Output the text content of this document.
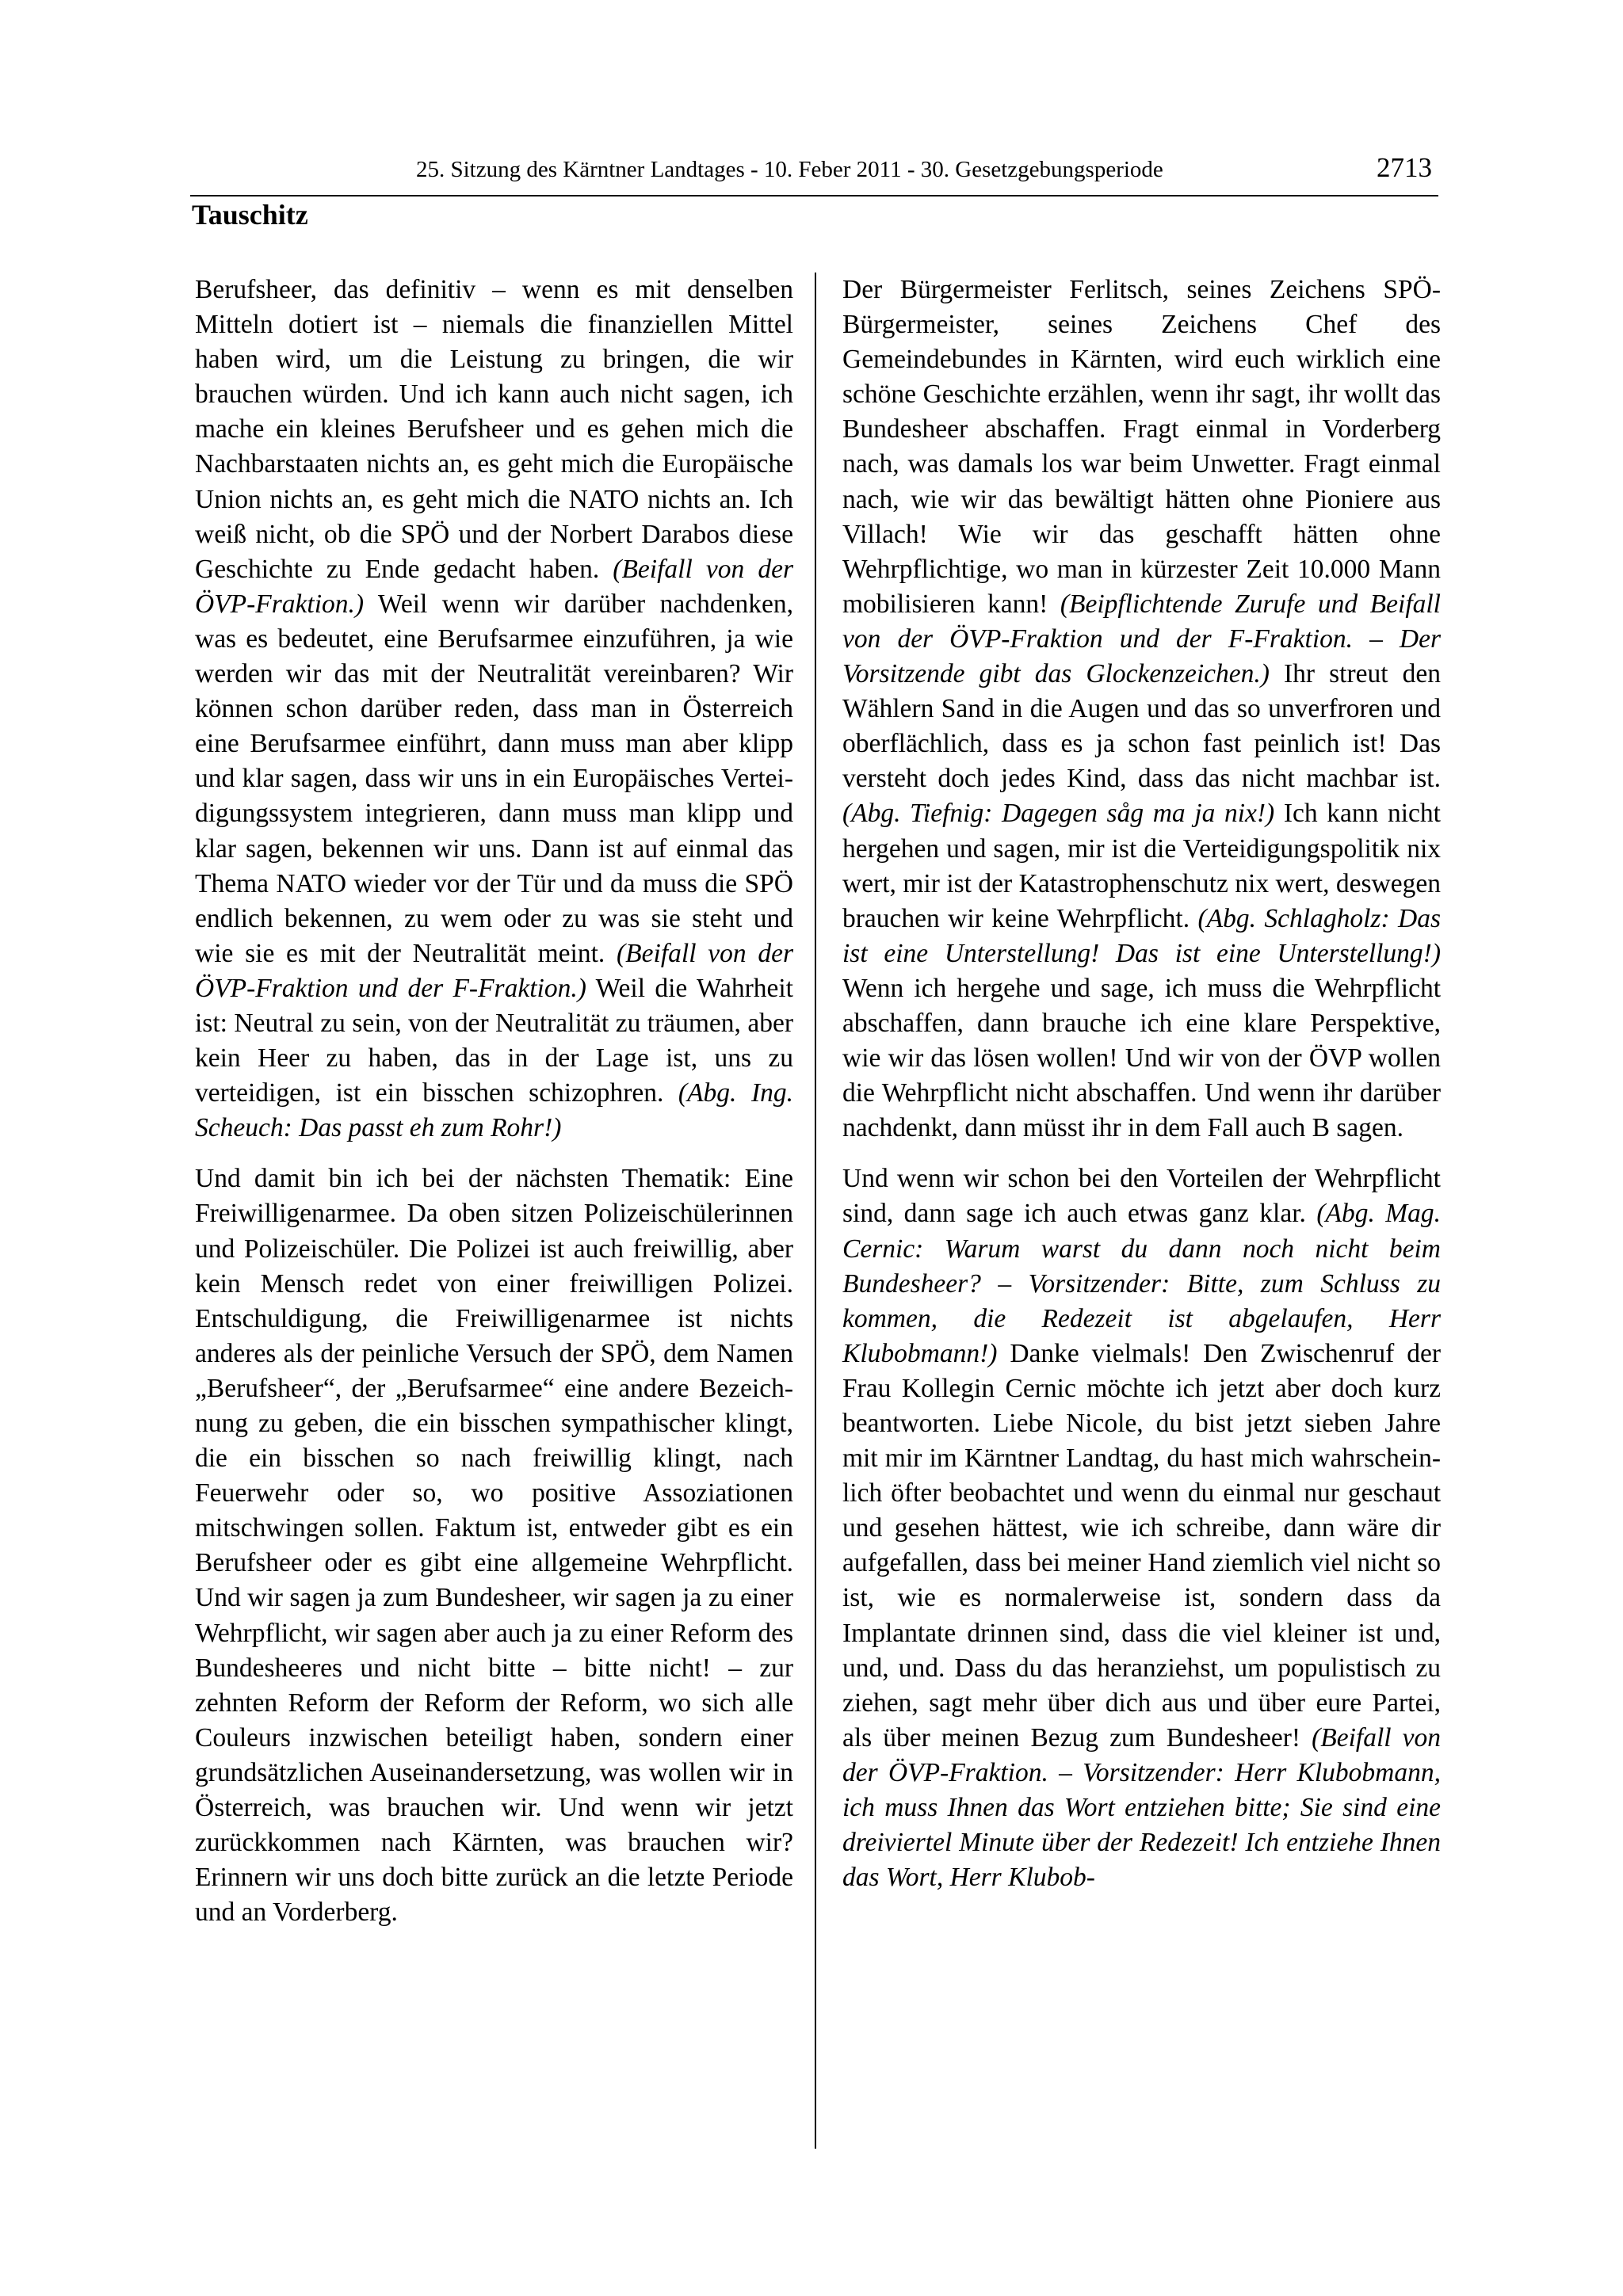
25. Sitzung des Kärntner Landtages - 10. Feber 2011 - 30. Gesetzgebungsperiode	2713
Tauschitz

Berufsheer, das definitiv – wenn es mit denselben Mitteln dotiert ist – niemals die finanziellen Mittel haben wird, um die Leistung zu bringen, die wir brauchen würden. Und ich kann auch nicht sagen, ich mache ein kleines Berufsheer und es gehen mich die Nachbarstaaten nichts an, es geht mich die Europäische Union nichts an, es geht mich die NATO nichts an. Ich weiß nicht, ob die SPÖ und der Norbert Darabos diese Geschichte zu Ende gedacht haben. (Beifall von der ÖVP-Fraktion.) Weil wenn wir darüber nachdenken, was es bedeutet, eine Berufsarmee einzuführen, ja wie werden wir das mit der Neutralität vereinbaren? Wir können schon darüber reden, dass man in Österreich eine Berufsarmee einführt, dann muss man aber klipp und klar sagen, dass wir uns in ein Europäisches Verteidigungssystem integrieren, dann muss man klipp und klar sagen, bekennen wir uns. Dann ist auf einmal das Thema NATO wieder vor der Tür und da muss die SPÖ endlich bekennen, zu wem oder zu was sie steht und wie sie es mit der Neutralität meint. (Beifall von der ÖVP-Fraktion und der F-Fraktion.) Weil die Wahrheit ist: Neutral zu sein, von der Neutralität zu träumen, aber kein Heer zu haben, das in der Lage ist, uns zu verteidigen, ist ein bisschen schizophren. (Abg. Ing. Scheuch: Das passt eh zum Rohr!)

Und damit bin ich bei der nächsten Thematik: Eine Freiwilligenarmee. Da oben sitzen Polizeischülerinnen und Polizeischüler. Die Polizei ist auch freiwillig, aber kein Mensch redet von einer freiwilligen Polizei. Entschuldigung, die Freiwilligenarmee ist nichts anderes als der peinliche Versuch der SPÖ, dem Namen „Berufsheer“, der „Berufsarmee“ eine andere Bezeichnung zu geben, die ein bisschen sympathischer klingt, die ein bisschen so nach freiwillig klingt, nach Feuerwehr oder so, wo positive Assoziationen mitschwingen sollen. Faktum ist, entweder gibt es ein Berufsheer oder es gibt eine allgemeine Wehrpflicht. Und wir sagen ja zum Bundesheer, wir sagen ja zu einer Wehrpflicht, wir sagen aber auch ja zu einer Reform des Bundesheeres und nicht bitte – bitte nicht! – zur zehnten Reform der Reform der Reform, wo sich alle Couleurs inzwischen beteiligt haben, sondern einer grundsätzlichen Auseinandersetzung, was wollen wir in Österreich, was brauchen wir. Und wenn wir jetzt zurückkommen nach Kärnten, was brauchen wir? Erinnern wir uns doch bitte zurück an die letzte Periode und an Vorderberg.

Der Bürgermeister Ferlitsch, seines Zeichens SPÖ-Bürgermeister, seines Zeichens Chef des Gemeindebundes in Kärnten, wird euch wirklich eine schöne Geschichte erzählen, wenn ihr sagt, ihr wollt das Bundesheer abschaffen. Fragt einmal in Vorderberg nach, was damals los war beim Unwetter. Fragt einmal nach, wie wir das bewältigt hätten ohne Pioniere aus Villach! Wie wir das geschafft hätten ohne Wehrpflichtige, wo man in kürzester Zeit 10.000 Mann mobilisieren kann! (Beipflichtende Zurufe und Beifall von der ÖVP-Fraktion und der F-Fraktion. – Der Vorsitzende gibt das Glockenzeichen.) Ihr streut den Wählern Sand in die Augen und das so unverfroren und oberflächlich, dass es ja schon fast peinlich ist! Das versteht doch jedes Kind, dass das nicht machbar ist. (Abg. Tiefnig: Dagegen såg ma ja nix!) Ich kann nicht hergehen und sagen, mir ist die Verteidigungspolitik nix wert, mir ist der Katastrophenschutz nix wert, deswegen brauchen wir keine Wehrpflicht. (Abg. Schlagholz: Das ist eine Unterstellung! Das ist eine Unterstellung!) Wenn ich hergehe und sage, ich muss die Wehrpflicht abschaffen, dann brauche ich eine klare Perspektive, wie wir das lösen wollen! Und wir von der ÖVP wollen die Wehrpflicht nicht abschaffen. Und wenn ihr darüber nachdenkt, dann müsst ihr in dem Fall auch B sagen.

Und wenn wir schon bei den Vorteilen der Wehrpflicht sind, dann sage ich auch etwas ganz klar. (Abg. Mag. Cernic: Warum warst du dann noch nicht beim Bundesheer? – Vorsitzender: Bitte, zum Schluss zu kommen, die Redezeit ist abgelaufen, Herr Klubobmann!) Danke vielmals! Den Zwischenruf der Frau Kollegin Cernic möchte ich jetzt aber doch kurz beantworten. Liebe Nicole, du bist jetzt sieben Jahre mit mir im Kärntner Landtag, du hast mich wahrscheinlich öfter beobachtet und wenn du einmal nur geschaut und gesehen hättest, wie ich schreibe, dann wäre dir aufgefallen, dass bei meiner Hand ziemlich viel nicht so ist, wie es normalerweise ist, sondern dass da Implantate drinnen sind, dass die viel kleiner ist und, und, und. Dass du das heranziehst, um populistisch zu ziehen, sagt mehr über dich aus und über eure Partei, als über meinen Bezug zum Bundesheer! (Beifall von der ÖVP-Fraktion. – Vorsitzender: Herr Klubobmann, ich muss Ihnen das Wort entziehen bitte; Sie sind eine dreiviertel Minute über der Redezeit! Ich entziehe Ihnen das Wort, Herr Klubob-
